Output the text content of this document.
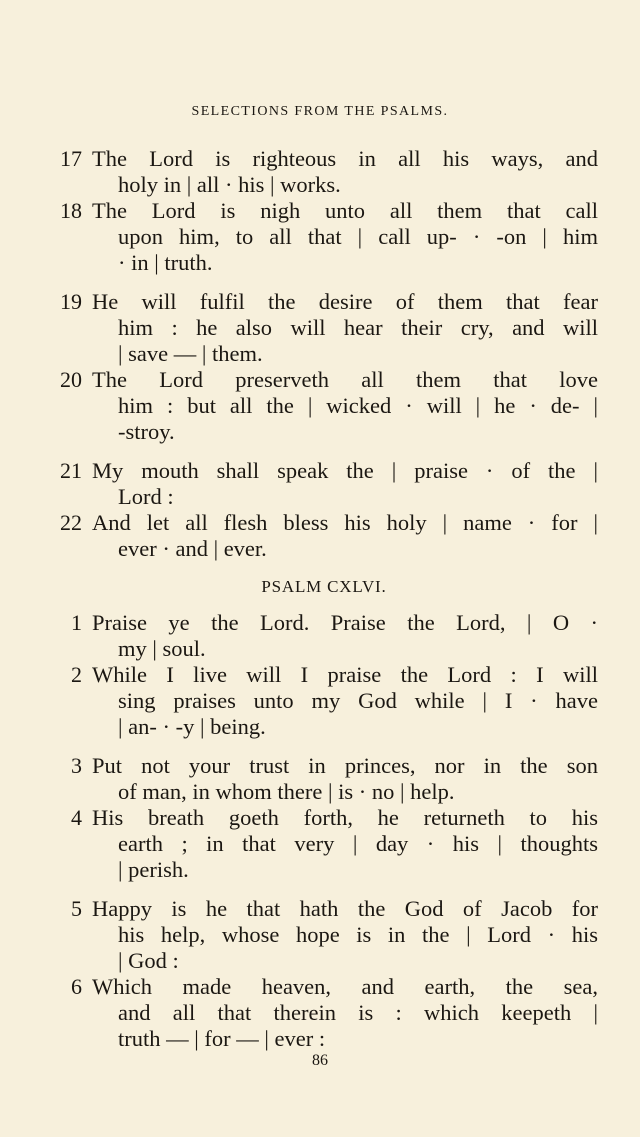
SELECTIONS FROM THE PSALMS.
17 The Lord is righteous in all his ways, and
holy in | all · his | works.
18 The Lord is nigh unto all them that call
upon him, to all that | call up- · -on | him
· in | truth.
19 He will fulfil the desire of them that fear
him : he also will hear their cry, and will
| save — | them.
20 The Lord preserveth all them that love
him : but all the | wicked · will | he · de- |
-stroy.
21 My mouth shall speak the | praise · of the |
Lord :
22 And let all flesh bless his holy | name · for |
ever · and | ever.
PSALM CXLVI.
1 Praise ye the Lord. Praise the Lord, | O ·
my | soul.
2 While I live will I praise the Lord : I will
sing praises unto my God while | I · have
| an- · -y | being.
3 Put not your trust in princes, nor in the son
of man, in whom there | is · no | help.
4 His breath goeth forth, he returneth to his
earth ; in that very | day · his | thoughts
| perish.
5 Happy is he that hath the God of Jacob for
his help, whose hope is in the | Lord · his
| God :
6 Which made heaven, and earth, the sea,
and all that therein is : which keepeth |
truth — | for — | ever :
86
